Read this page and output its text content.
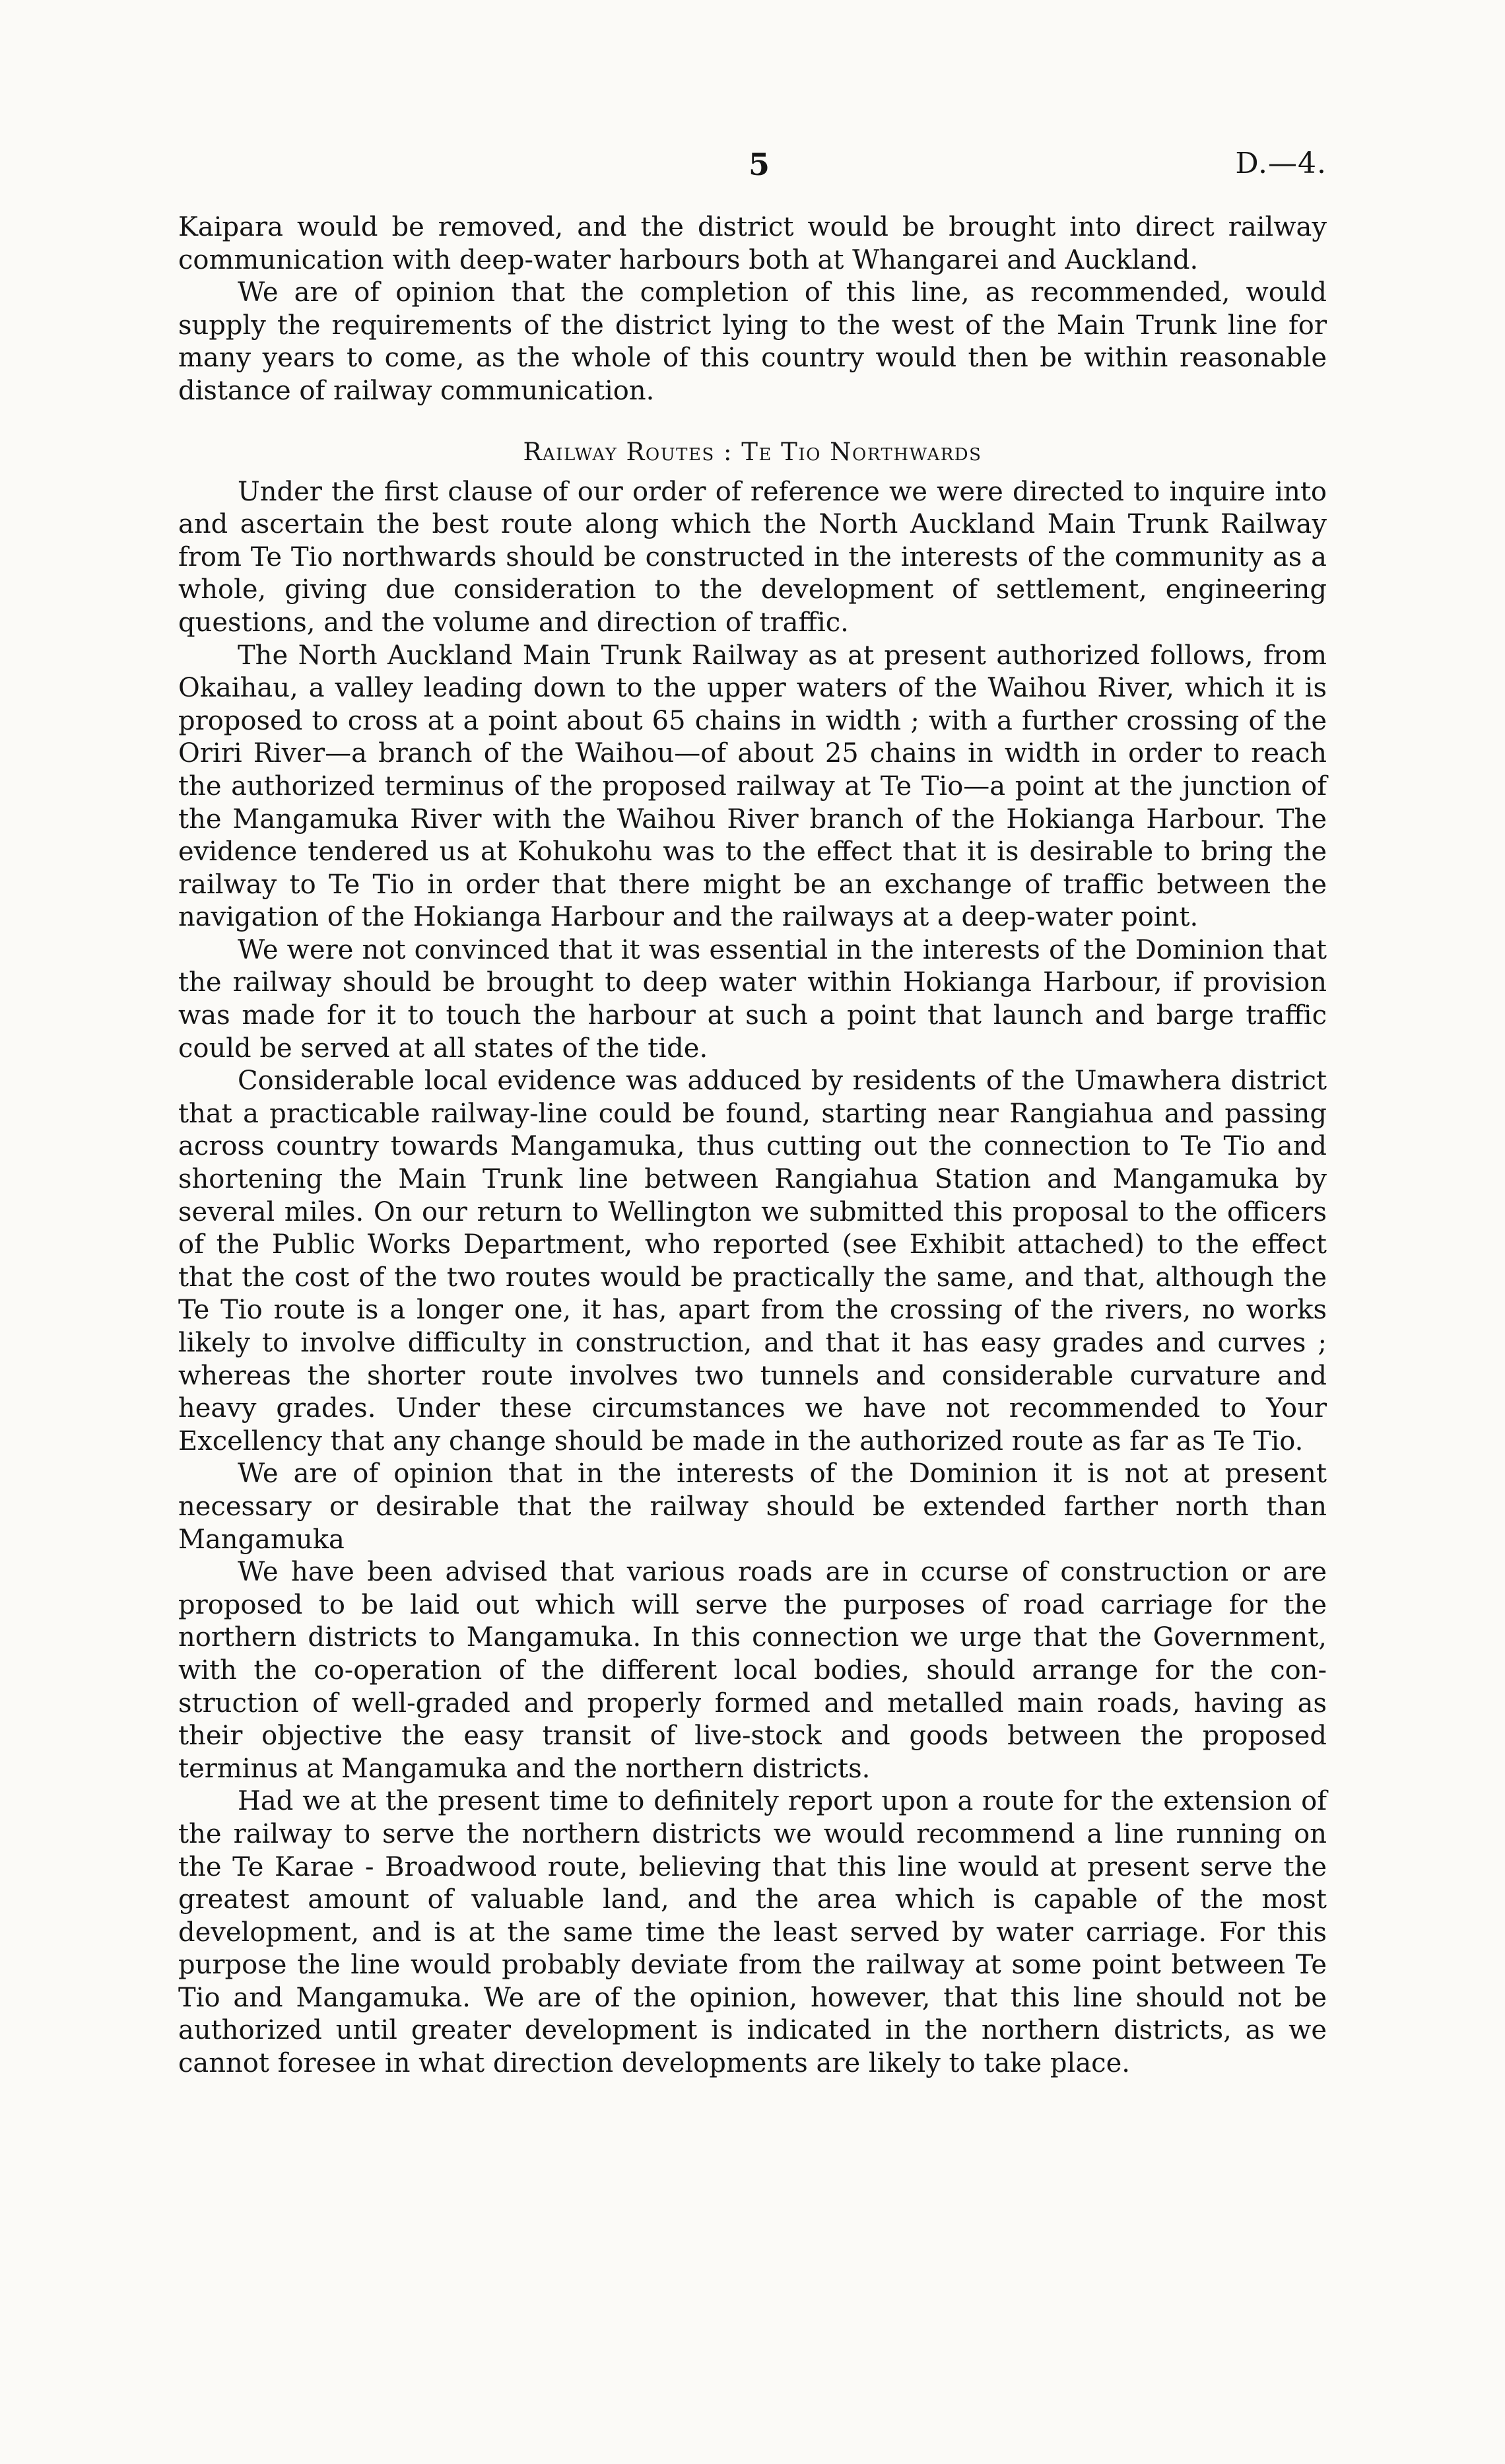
5	D.—4.

Kaipara would be removed, and the district would be brought into direct railway communication with deep-water harbours both at Whangarei and Auckland.

We are of opinion that the completion of this line, as recommended, would supply the requirements of the district lying to the west of the Main Trunk line for many years to come, as the whole of this country would then be within reasonable distance of railway communication.

Railway Routes : Te Tio Northwards

Under the first clause of our order of reference we were directed to inquire into and ascertain the best route along which the North Auckland Main Trunk Railway from Te Tio northwards should be constructed in the interests of the community as a whole, giving due consideration to the development of settlement, engineering questions, and the volume and direction of traffic.

The North Auckland Main Trunk Railway as at present authorized follows, from Okaihau, a valley leading down to the upper waters of the Waihou River, which it is proposed to cross at a point about 65 chains in width ; with a further crossing of the Oriri River—a branch of the Waihou—of about 25 chains in width in order to reach the authorized terminus of the proposed railway at Te Tio—a point at the junction of the Mangamuka River with the Waihou River branch of the Hokianga Harbour. The evidence tendered us at Kohukohu was to the effect that it is desirable to bring the railway to Te Tio in order that there might be an exchange of traffic between the navigation of the Hokianga Harbour and the railways at a deep-water point.

We were not convinced that it was essential in the interests of the Dominion that the railway should be brought to deep water within Hokianga Harbour, if provision was made for it to touch the harbour at such a point that launch and barge traffic could be served at all states of the tide.

Considerable local evidence was adduced by residents of the Umawhera district that a practicable railway-line could be found, starting near Rangiahua and passing across country towards Mangamuka, thus cutting out the connection to Te Tio and shortening the Main Trunk line between Rangiahua Station and Mangamuka by several miles. On our return to Wellington we submitted this proposal to the officers of the Public Works Department, who reported (see Exhibit attached) to the effect that the cost of the two routes would be practically the same, and that, although the Te Tio route is a longer one, it has, apart from the crossing of the rivers, no works likely to involve difficulty in construction, and that it has easy grades and curves ; whereas the shorter route involves two tunnels and considerable curvature and heavy grades. Under these circumstances we have not recommended to Your Excellency that any change should be made in the authorized route as far as Te Tio.

We are of opinion that in the interests of the Dominion it is not at present necessary or desirable that the railway should be extended farther north than Mangamuka

We have been advised that various roads are in ccurse of construction or are proposed to be laid out which will serve the purposes of road carriage for the northern districts to Mangamuka. In this connection we urge that the Government, with the co-operation of the different local bodies, should arrange for the construction of well-graded and properly formed and metalled main roads, having as their objective the easy transit of live-stock and goods between the proposed terminus at Mangamuka and the northern districts.

Had we at the present time to definitely report upon a route for the extension of the railway to serve the northern districts we would recommend a line running on the Te Karae - Broadwood route, believing that this line would at present serve the greatest amount of valuable land, and the area which is capable of the most development, and is at the same time the least served by water carriage. For this purpose the line would probably deviate from the railway at some point between Te Tio and Mangamuka. We are of the opinion, however, that this line should not be authorized until greater development is indicated in the northern districts, as we cannot foresee in what direction developments are likely to take place.
